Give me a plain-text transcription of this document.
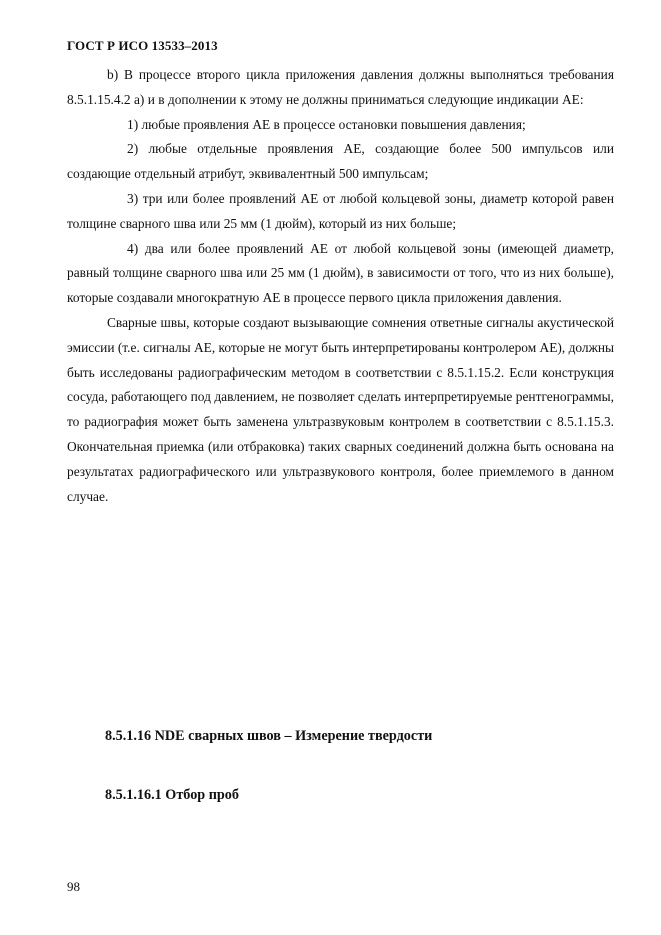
ГОСТ Р ИСО 13533–2013

b) В процессе второго цикла приложения давления должны выполняться требования 8.5.1.15.4.2 a) и в дополнении к этому не должны приниматься следующие индикации АЕ:

1) любые проявления АЕ в процессе остановки повышения давления;

2) любые отдельные проявления АЕ, создающие более 500 импульсов или создающие отдельный атрибут, эквивалентный 500 импульсам;

3) три или более проявлений АЕ от любой кольцевой зоны, диаметр которой равен толщине сварного шва или 25 мм (1 дюйм), который из них больше;

4) два или более проявлений АЕ от любой кольцевой зоны (имеющей диаметр, равный толщине сварного шва или 25 мм (1 дюйм), в зависимости от того, что из них больше), которые создавали многократную АЕ в процессе первого цикла приложения давления.

Сварные швы, которые создают вызывающие сомнения ответные сигналы акустической эмиссии (т.е. сигналы АЕ, которые не могут быть интерпретированы контролером АЕ), должны быть исследованы радиографическим методом в соответствии с 8.5.1.15.2. Если конструкция сосуда, работающего под давлением, не позволяет сделать интерпретируемые рентгенограммы, то радиография может быть заменена ультразвуковым контролем в соответствии с 8.5.1.15.3. Окончательная приемка (или отбраковка) таких сварных соединений должна быть основана на результатах радиографического или ультразвукового контроля, более приемлемого в данном случае.

8.5.1.16 NDE сварных швов – Измерение твердости
8.5.1.16.1 Отбор проб
98
